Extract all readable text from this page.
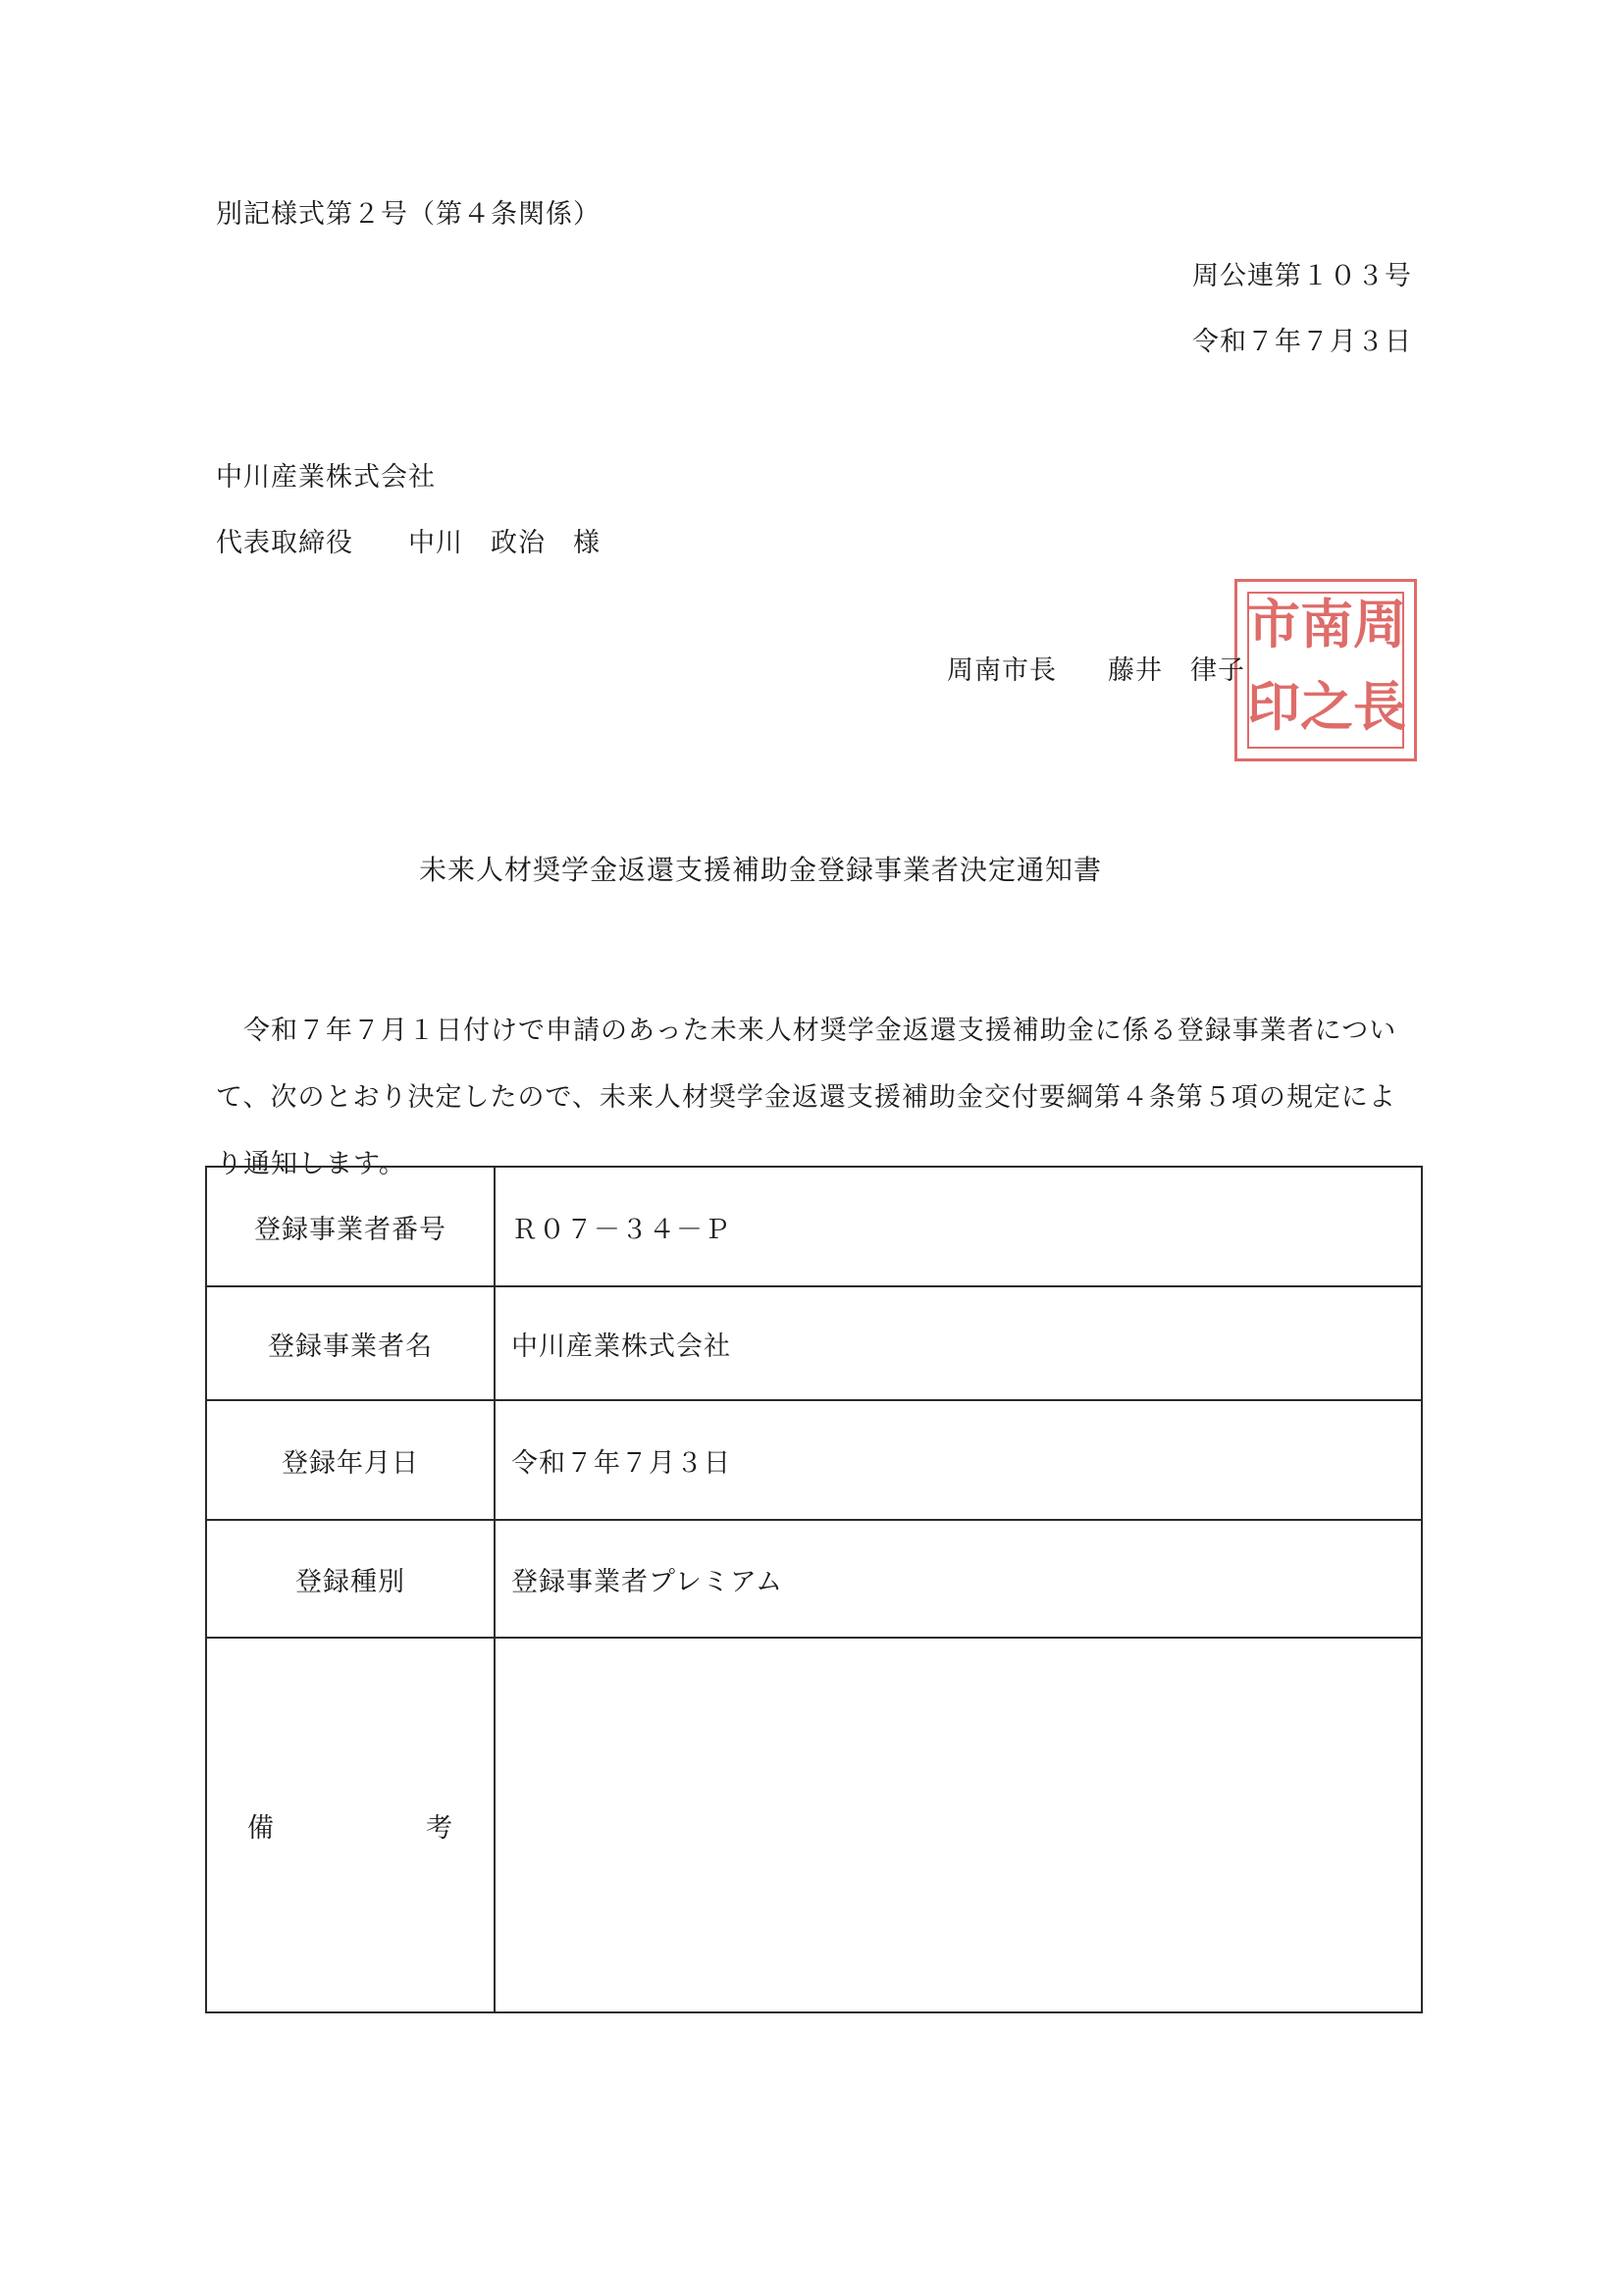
別記様式第２号（第４条関係）
周公連第１０３号
令和７年７月３日
中川産業株式会社
代表取締役 中川　政治　 様
周
南
市
長
之
印
周南市長 藤井　律子
未来人材奨学金返還支援補助金登録事業者決定通知書

令和７年７月１日付けで申請のあった未来人材奨学金返還支援補助金に係る登録事業者について、次のとおり決定したので、未来人材奨学金返還支援補助金交付要綱第４条第５項の規定により通知します。

登録事業者番号	Ｒ０７－３４－Ｐ
登録事業者名	中川産業株式会社
登録年月日	令和７年７月３日
登録種別	登録事業者プレミアム

備 考	
